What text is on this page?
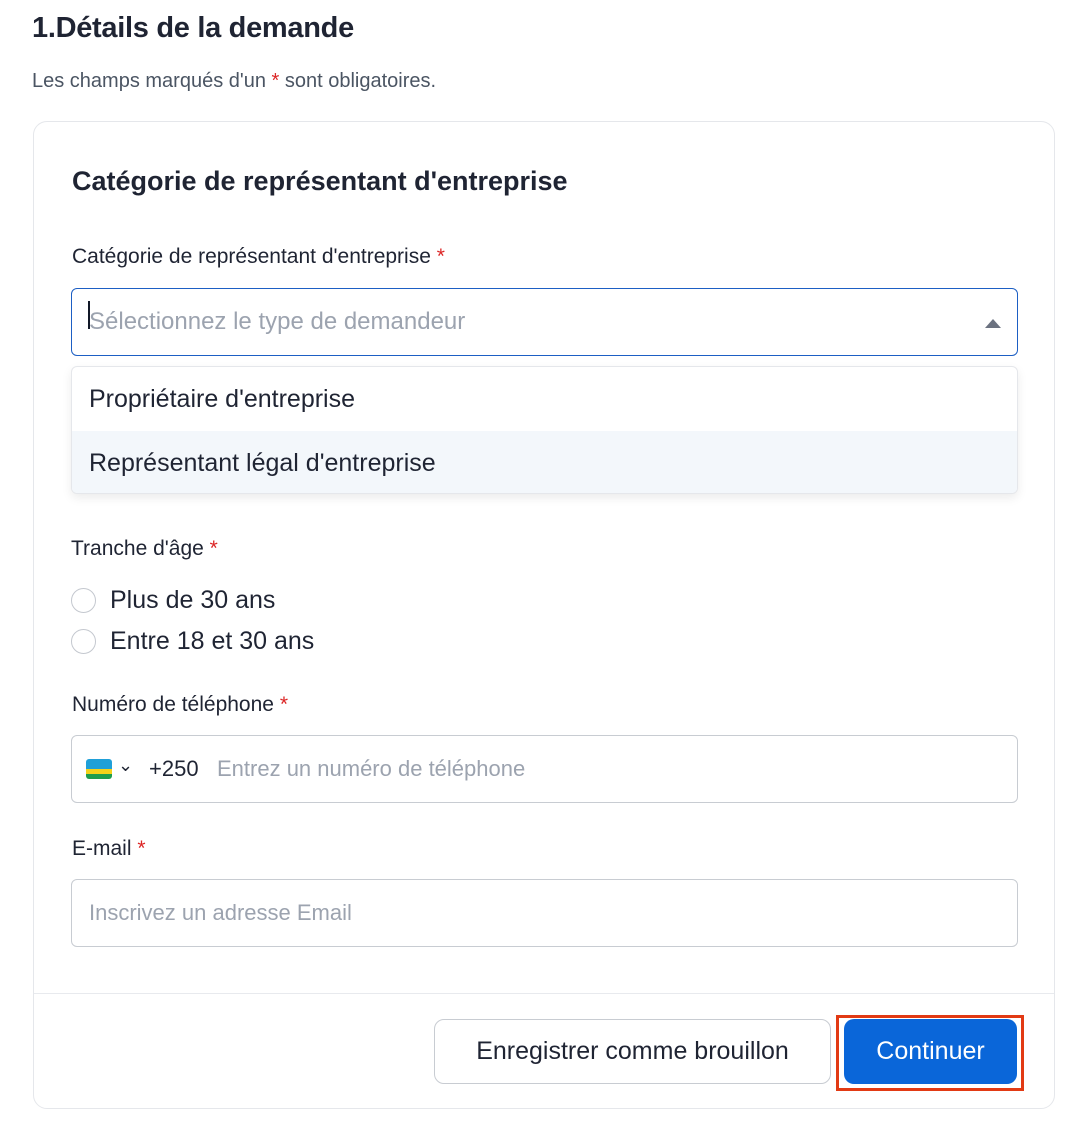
1.Détails de la demande
Les champs marqués d'un * sont obligatoires.
Catégorie de représentant d'entreprise
Catégorie de représentant d'entreprise *
Sélectionnez le type de demandeur
Propriétaire d'entreprise
Représentant légal d'entreprise
Tranche d'âge *
Plus de 30 ans
Entre 18 et 30 ans
Numéro de téléphone *
⌄ +250 Entrez un numéro de téléphone
E-mail *
Inscrivez un adresse Email
Enregistrer comme brouillon	Continuer
